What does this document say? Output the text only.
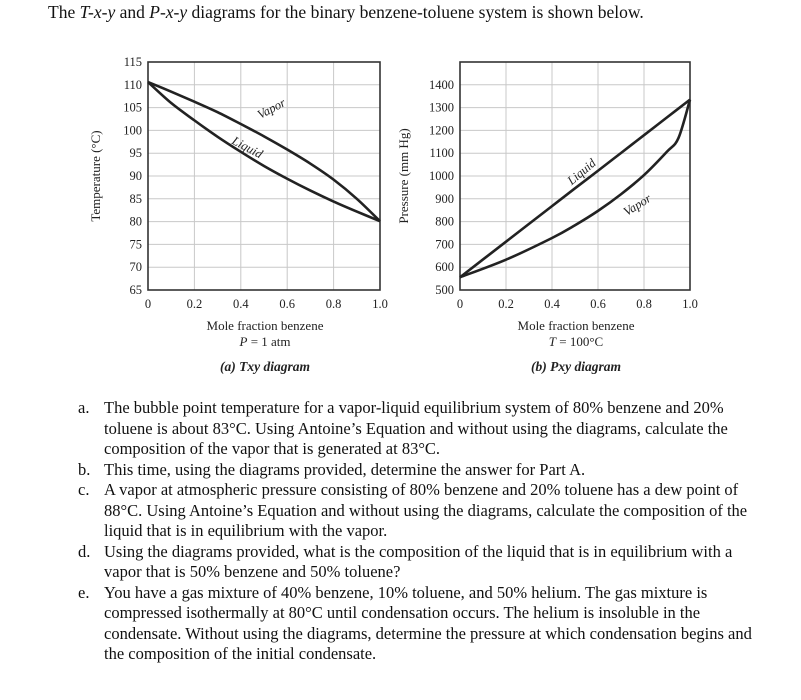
The T-x-y and P-x-y diagrams for the binary benzene-toluene system is shown below.
0	0.2 0.4 0.6 0.8 1.0
65
70
75
80
85
90
95
100
105
110
115
Vapor
Liquid
Temperature (°C)
Mole fraction benzene
P = 1 atm
(a) Txy diagram
0	0.2 0.4 0.6 0.8 1.0
500
600
700
800
900
1000
1100
1200
1300
1400
Liquid
Vapor
Pressure (mm Hg)
Mole fraction benzene
T = 100°C
(b) Pxy diagram

a. The bubble point temperature for a vapor-liquid equilibrium system of 80% benzene and 20% toluene is about 83°C. Using Antoine’s Equation and without using the diagrams, calculate the composition of the vapor that is generated at 83°C.

b. This time, using the diagrams provided, determine the answer for Part A.

c. A vapor at atmospheric pressure consisting of 80% benzene and 20% toluene has a dew point of 88°C. Using Antoine’s Equation and without using the diagrams, calculate the composition of the liquid that is in equilibrium with the vapor.

d. Using the diagrams provided, what is the composition of the liquid that is in equilibrium with a vapor that is 50% benzene and 50% toluene?

e. You have a gas mixture of 40% benzene, 10% toluene, and 50% helium. The gas mixture is compressed isothermally at 80°C until condensation occurs. The helium is insoluble in the condensate. Without using the diagrams, determine the pressure at which condensation begins and the composition of the initial condensate.
